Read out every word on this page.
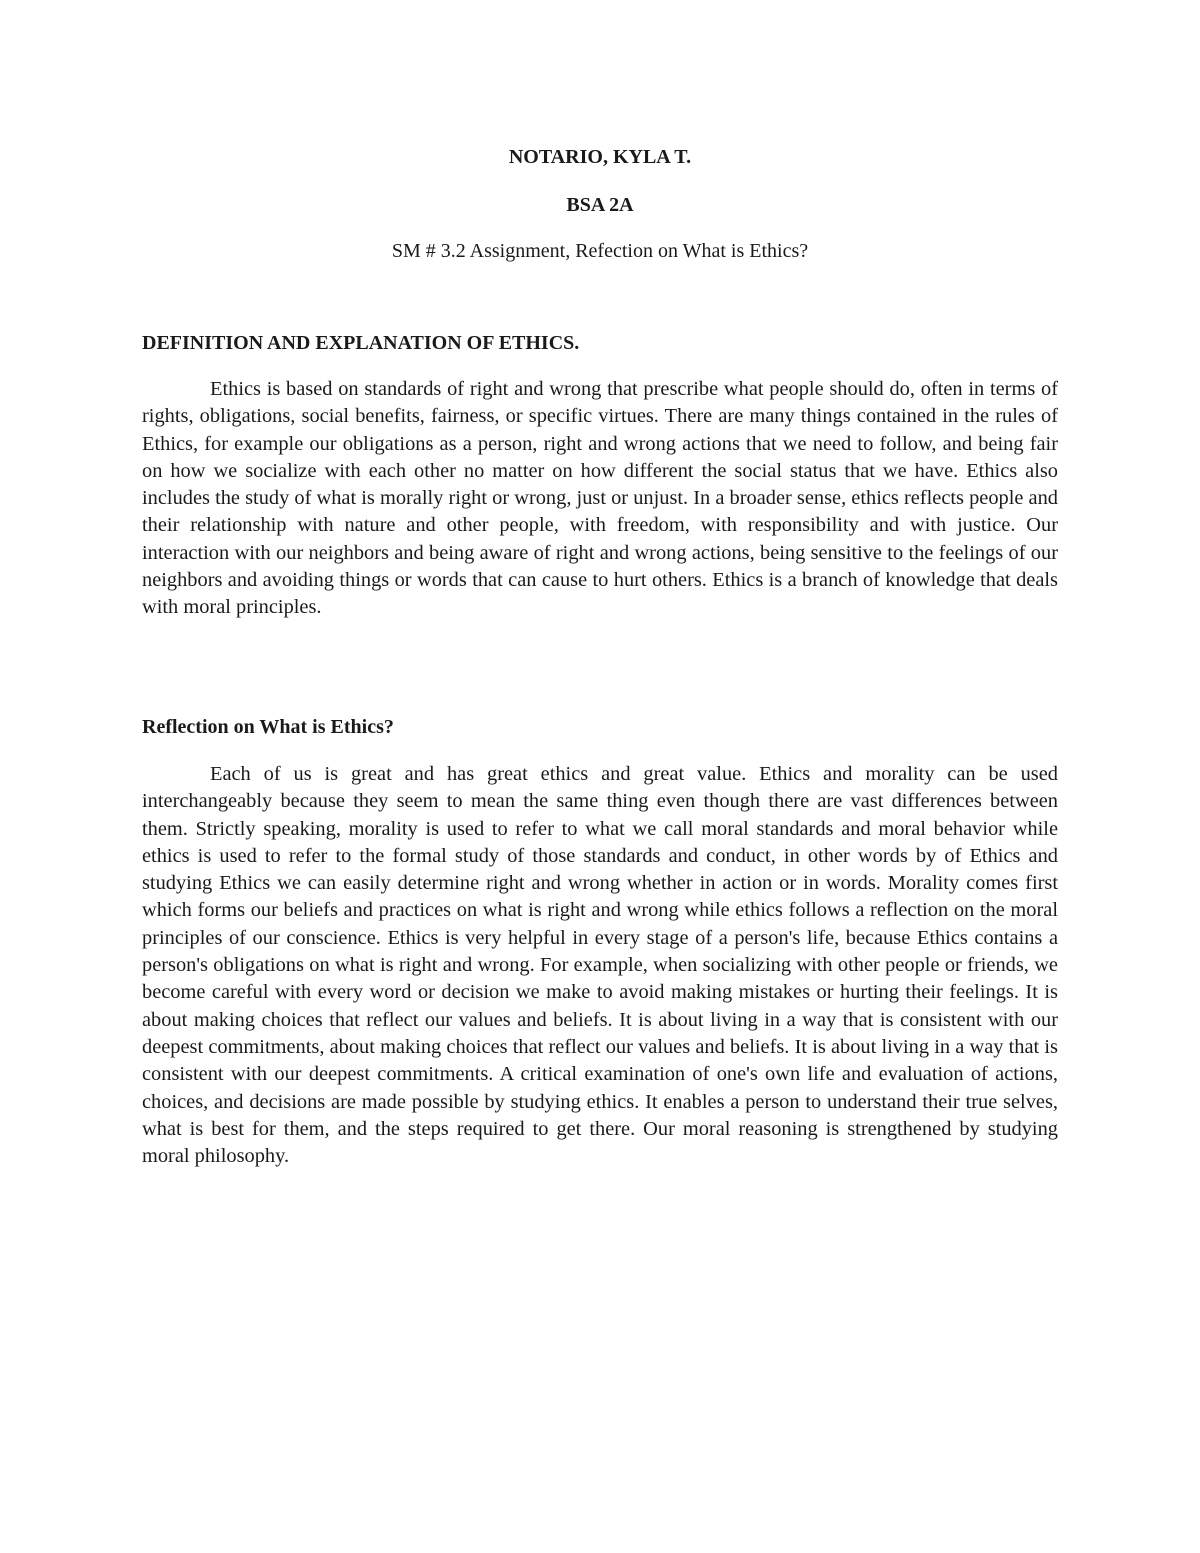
NOTARIO, KYLA T.

BSA 2A

SM # 3.2 Assignment, Refection on What is Ethics?

DEFINITION AND EXPLANATION OF ETHICS.

Ethics is based on standards of right and wrong that prescribe what people should do, often in terms of rights, obligations, social benefits, fairness, or specific virtues. There are many things contained in the rules of Ethics, for example our obligations as a person, right and wrong actions that we need to follow, and being fair on how we socialize with each other no matter on how different the social status that we have. Ethics also includes the study of what is morally right or wrong, just or unjust. In a broader sense, ethics reflects people and their relationship with nature and other people, with freedom, with responsibility and with justice. Our interaction with our neighbors and being aware of right and wrong actions, being sensitive to the feelings of our neighbors and avoiding things or words that can cause to hurt others. Ethics is a branch of knowledge that deals with moral principles.

Reflection on What is Ethics?

Each of us is great and has great ethics and great value. Ethics and morality can be used interchangeably because they seem to mean the same thing even though there are vast differences between them. Strictly speaking, morality is used to refer to what we call moral standards and moral behavior while ethics is used to refer to the formal study of those standards and conduct, in other words by of Ethics and studying Ethics we can easily determine right and wrong whether in action or in words. Morality comes first which forms our beliefs and practices on what is right and wrong while ethics follows a reflection on the moral principles of our conscience. Ethics is very helpful in every stage of a person's life, because Ethics contains a person's obligations on what is right and wrong. For example, when socializing with other people or friends, we become careful with every word or decision we make to avoid making mistakes or hurting their feelings. It is about making choices that reflect our values and beliefs. It is about living in a way that is consistent with our deepest commitments, about making choices that reflect our values and beliefs. It is about living in a way that is consistent with our deepest commitments. A critical examination of one's own life and evaluation of actions, choices, and decisions are made possible by studying ethics. It enables a person to understand their true selves, what is best for them, and the steps required to get there. Our moral reasoning is strengthened by studying moral philosophy.
